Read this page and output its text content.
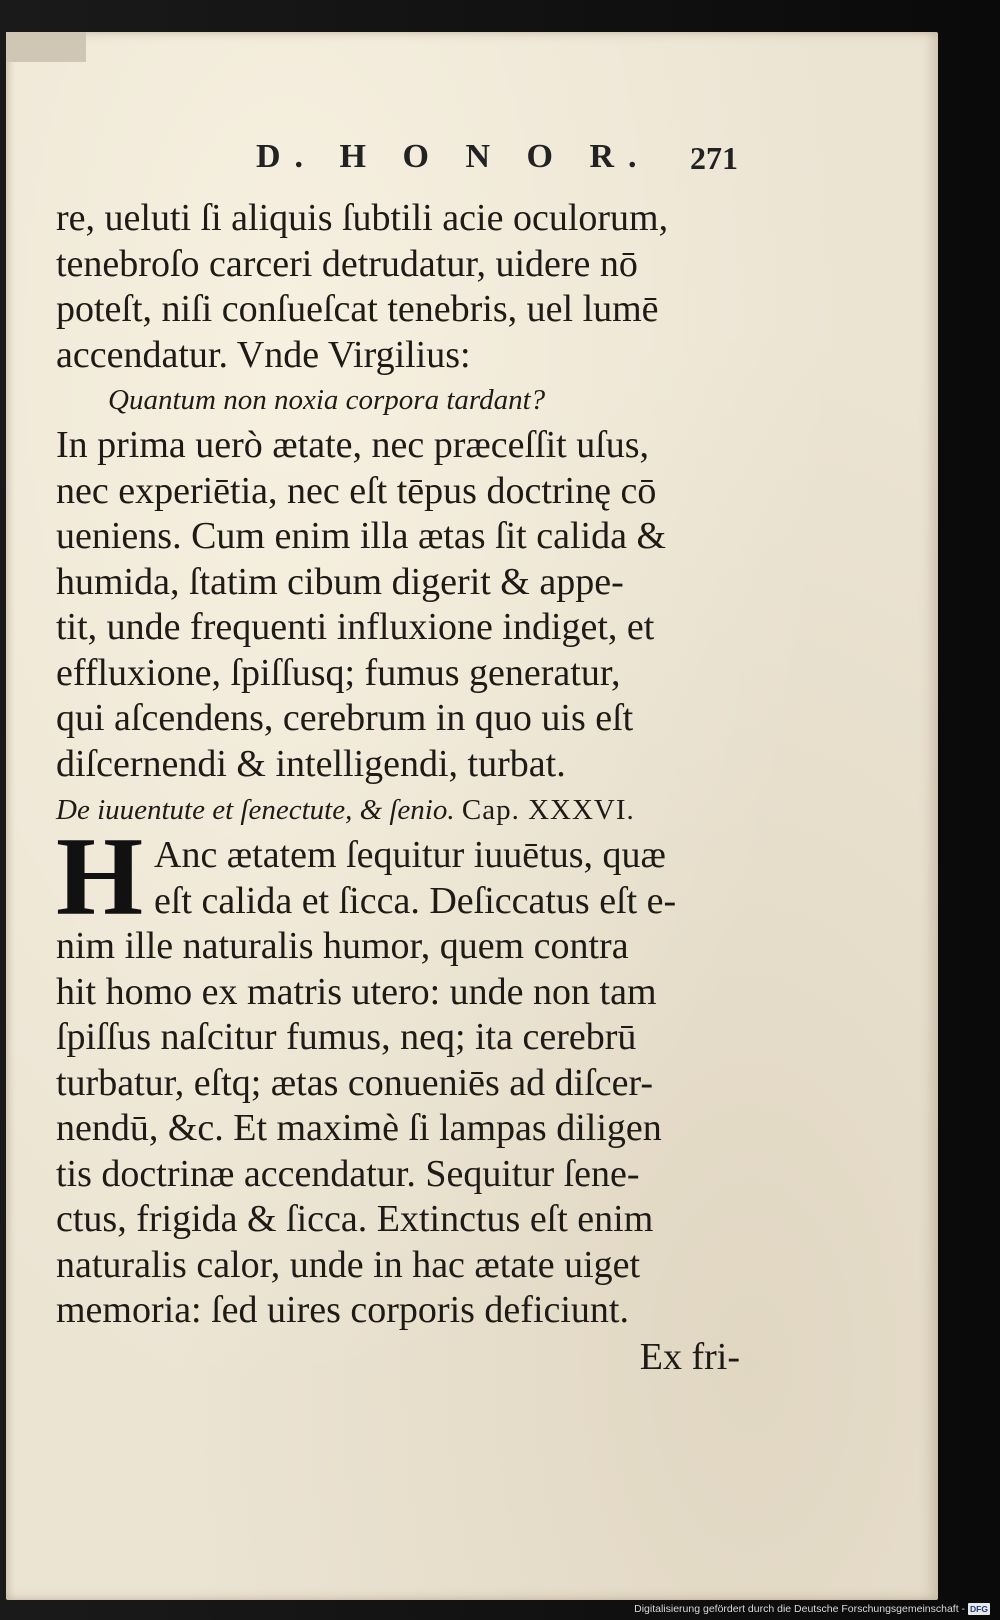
D. H O N O R. 271
re, ueluti ſi aliquis ſubtili acie oculorum,
tenebroſo carceri detrudatur, uidere nō
poteſt, niſi conſueſcat tenebris, uel lumē
accendatur. Vnde Virgilius:
Quantum non noxia corpora tardant?
In prima uerò ætate, nec præceſſit uſus,
nec experiētia, nec eſt tēpus doctrinę cō
ueniens. Cum enim illa ætas ſit calida &
humida, ſtatim cibum digerit & appe-
tit, unde frequenti influxione indiget, et
effluxione, ſpiſſusq; fumus generatur,
qui aſcendens, cerebrum in quo uis eſt
diſcernendi & intelligendi, turbat.
De iuuentute et ſenectute, & ſenio. Cap. XXXVI.
H Anc ætatem ſequitur iuuētus, quæ
eſt calida et ſicca. Deſiccatus eſt e-
nim ille naturalis humor, quem contra
hit homo ex matris utero: unde non tam
ſpiſſus naſcitur fumus, neq; ita cerebrū
turbatur, eſtq; ætas conueniēs ad diſcer-
nendū, &c. Et maximè ſi lampas diligen
tis doctrinæ accendatur. Sequitur ſene-
ctus, frigida & ſicca. Extinctus eſt enim
naturalis calor, unde in hac ætate uiget
memoria: ſed uires corporis deficiunt.
Ex fri-
Digitalisierung gefördert durch die Deutsche Forschungsgemeinschaft - DFG
